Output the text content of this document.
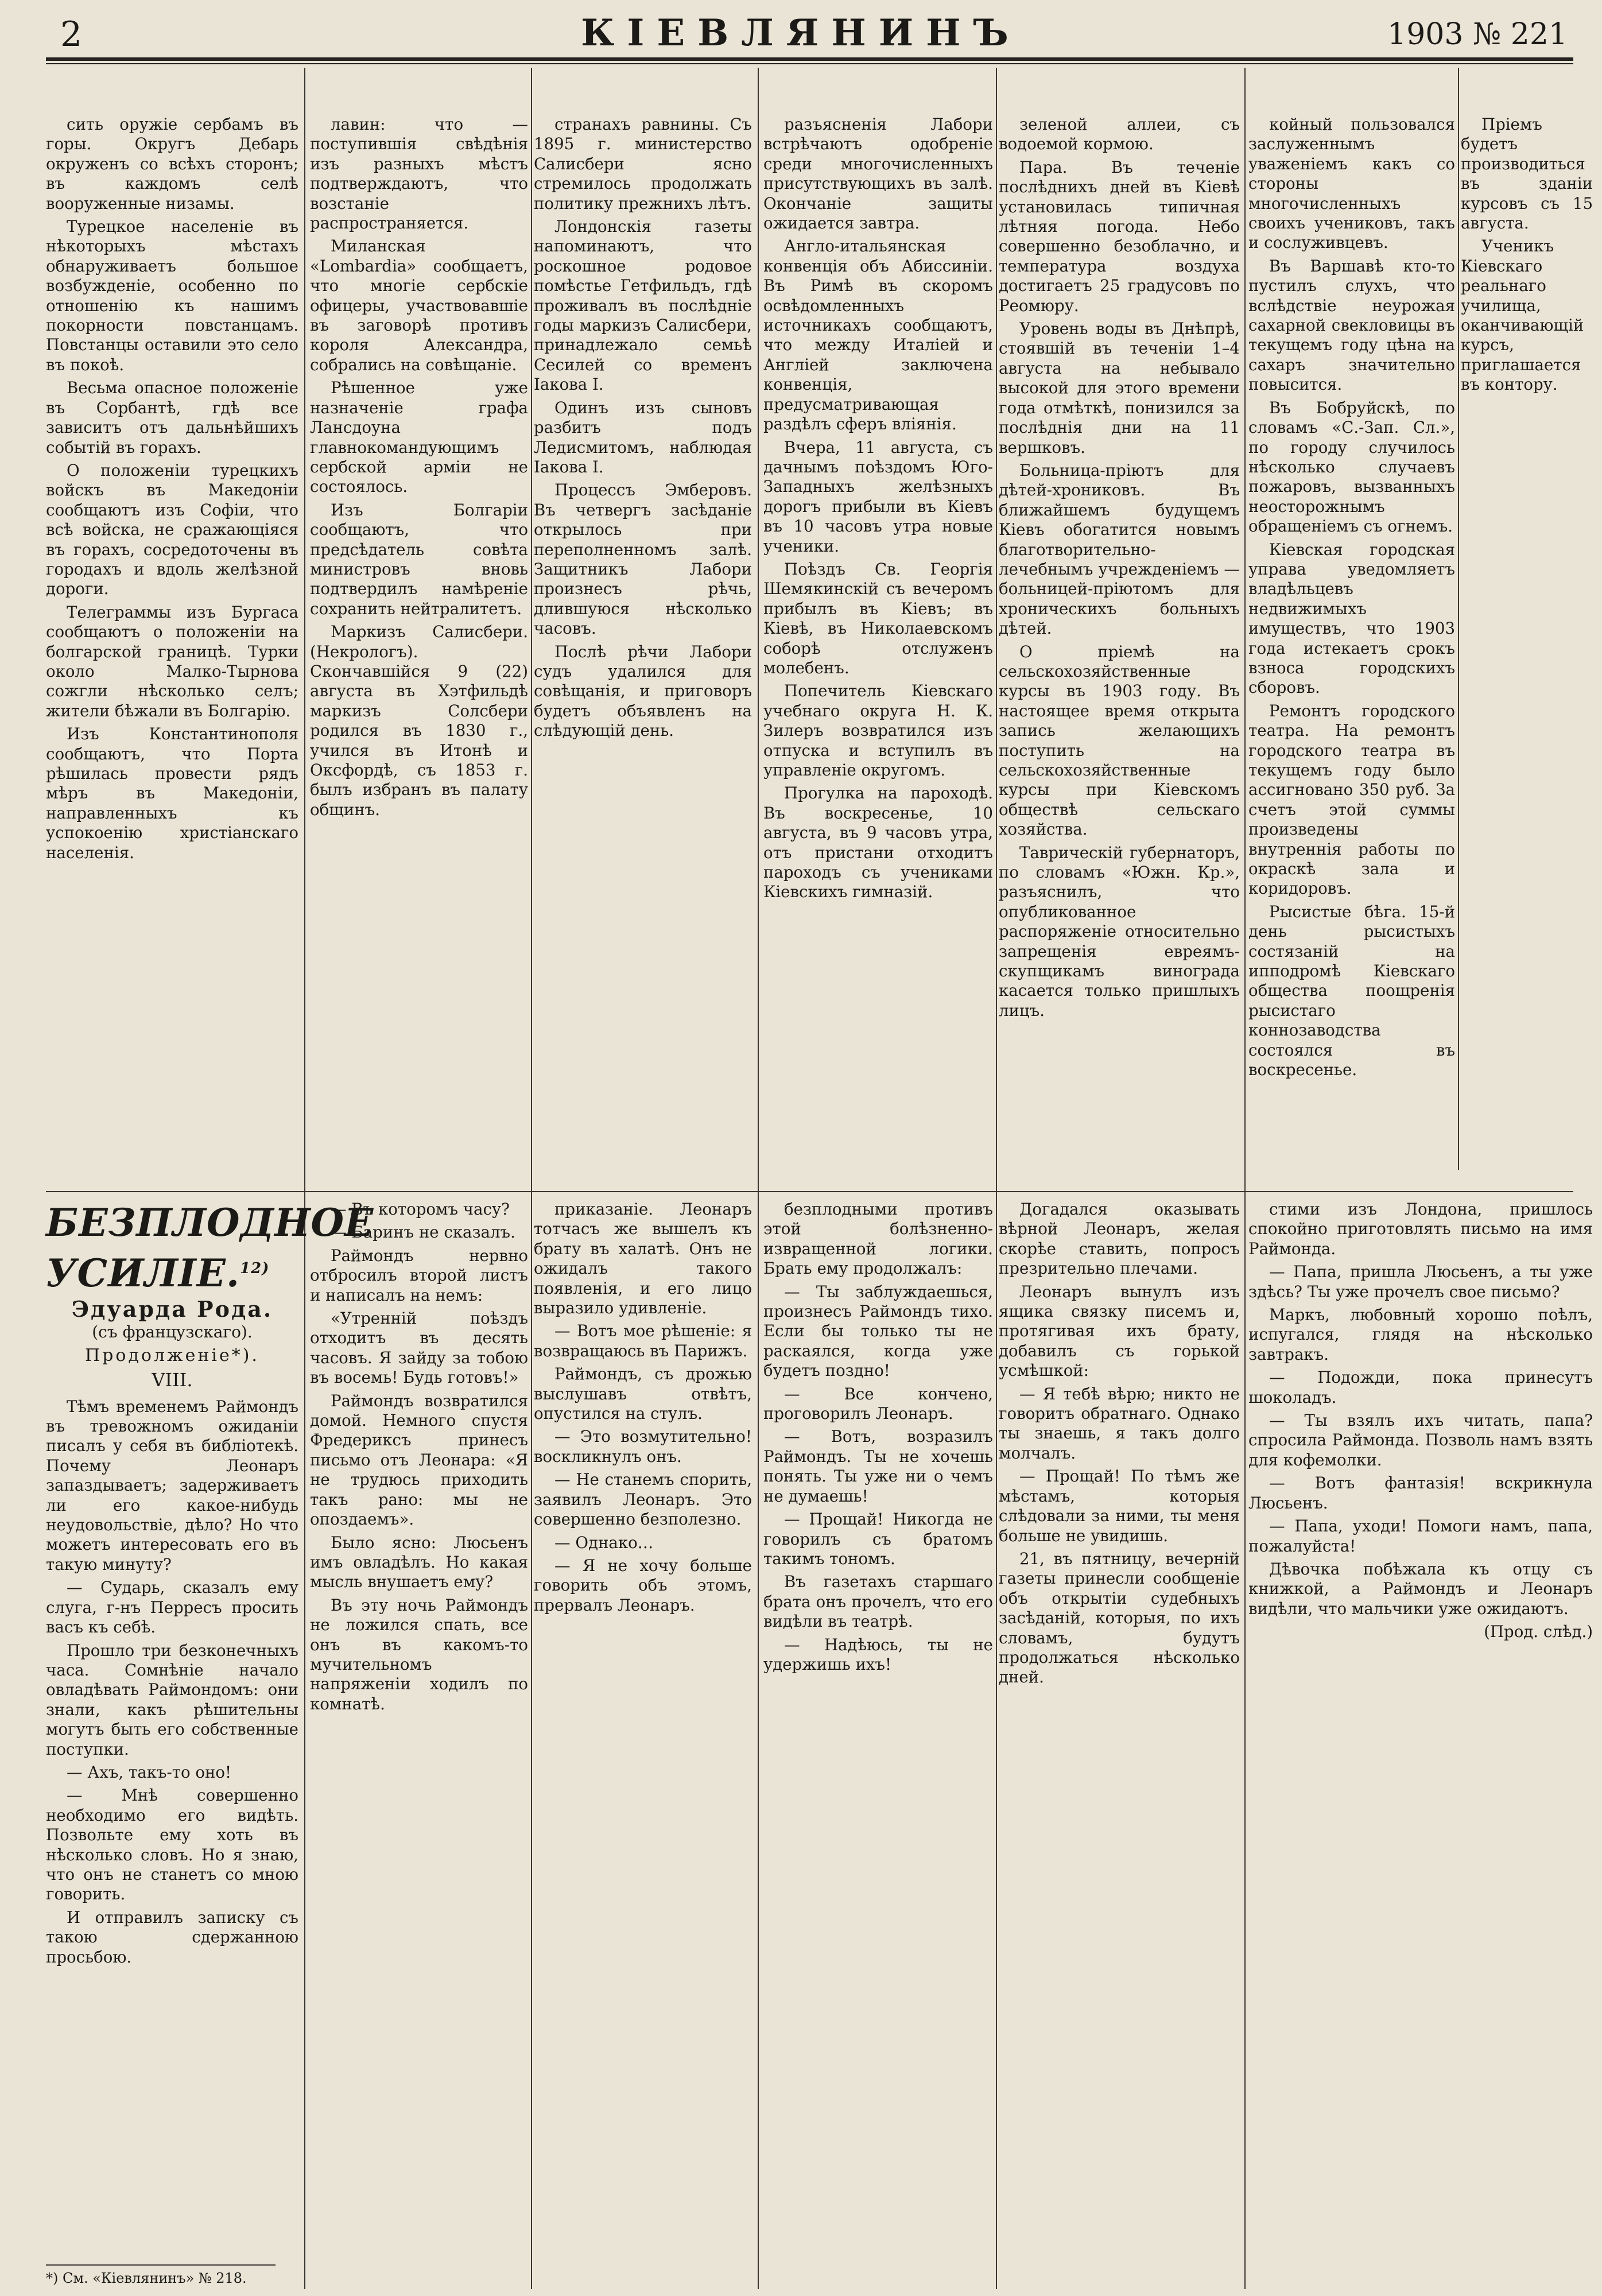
2	КІЕВЛЯНИНЪ	1903 № 221

сить оружіе сербамъ въ горы. Округъ Дебарь окруженъ со всѣхъ сторонъ; въ каждомъ селѣ вооруженные низамы.

Турецкое населеніе въ нѣкоторыхъ мѣстахъ обнаруживаетъ большое возбужденіе, особенно по отношенію къ нашимъ покорности повстанцамъ. Повстанцы оставили это село въ покоѣ.

Весьма опасное положеніе въ Сорбантѣ, гдѣ все зависитъ отъ дальнѣйшихъ событій въ горахъ.

О положеніи турецкихъ войскъ въ Македоніи сообщаютъ изъ Софіи, что всѣ войска, не сражающіяся въ горахъ, сосредоточены въ городахъ и вдоль желѣзной дороги.

Телеграммы изъ Бургаса сообщаютъ о положеніи на болгарской границѣ. Турки около Малко-Тырнова сожгли нѣсколько селъ; жители бѣжали въ Болгарію.

Изъ Константинополя сообщаютъ, что Порта рѣшилась провести рядъ мѣръ въ Македоніи, направленныхъ къ успокоенію христіанскаго населенія.

лавин: что — поступившія свѣдѣнія изъ разныхъ мѣстъ подтверждаютъ, что возстаніе распространяется.

Миланская «Lombardia» сообщаетъ, что многіе сербскіе офицеры, участвовавшіе въ заговорѣ противъ короля Александра, собрались на совѣщаніе.

Рѣшенное уже назначеніе графа Лансдоуна главнокомандующимъ сербской арміи не состоялось.

Изъ Болгаріи сообщаютъ, что предсѣдатель совѣта министровъ вновь подтвердилъ намѣреніе сохранить нейтралитетъ.

Маркизъ Салисбери. (Некрологъ). Скончавшійся 9 (22) августа въ Хэтфильдѣ маркизъ Солсбери родился въ 1830 г., учился въ Итонѣ и Оксфордѣ, съ 1853 г. былъ избранъ въ палату общинъ.

странахъ равнины. Съ 1895 г. министерство Салисбери ясно стремилось продолжать политику прежнихъ лѣтъ.

Лондонскія газеты напоминаютъ, что роскошное родовое помѣстье Гетфильдъ, гдѣ проживалъ въ послѣдніе годы маркизъ Салисбери, принадлежало семьѣ Сесилей со временъ Іакова I.

Одинъ изъ сыновъ разбитъ подъ Ледисмитомъ, наблюдая Іакова I.

Процессъ Эмберовъ. Въ четвергъ засѣданіе открылось при переполненномъ залѣ. Защитникъ Лабори произнесъ рѣчь, длившуюся нѣсколько часовъ.

Послѣ рѣчи Лабори судъ удалился для совѣщанія, и приговоръ будетъ объявленъ на слѣдующій день.

разъясненія Лабори встрѣчаютъ одобреніе среди многочисленныхъ присутствующихъ въ залѣ. Окончаніе защиты ожидается завтра.

Англо-итальянская конвенція объ Абиссиніи. Въ Римѣ въ скоромъ освѣдомленныхъ источникахъ сообщаютъ, что между Италіей и Англіей заключена конвенція, предусматривающая раздѣлъ сферъ вліянія.

Вчера, 11 августа, съ дачнымъ поѣздомъ Юго-Западныхъ желѣзныхъ дорогъ прибыли въ Кіевъ въ 10 часовъ утра новые ученики.

Поѣздъ Св. Георгія Шемякинскій съ вечеромъ прибылъ въ Кіевъ; въ Кіевѣ, въ Николаевскомъ соборѣ отслуженъ молебенъ.

Попечитель Кіевскаго учебнаго округа Н. К. Зилеръ возвратился изъ отпуска и вступилъ въ управленіе округомъ.

Прогулка на пароходѣ. Въ воскресенье, 10 августа, въ 9 часовъ утра, отъ пристани отходитъ пароходъ съ учениками Кіевскихъ гимназій.

зеленой аллеи, съ водоемой кормою.

Пара. Въ теченіе послѣднихъ дней въ Кіевѣ установилась типичная лѣтняя погода. Небо совершенно безоблачно, и температура воздуха достигаетъ 25 градусовъ по Реомюру.

Уровень воды въ Днѣпрѣ, стоявшій въ теченіи 1–4 августа на небывало высокой для этого времени года отмѣткѣ, понизился за послѣднія дни на 11 вершковъ.

Больница-пріютъ для дѣтей-хрониковъ. Въ ближайшемъ будущемъ Кіевъ обогатится новымъ благотворительно-лечебнымъ учрежденіемъ — больницей-пріютомъ для хроническихъ больныхъ дѣтей.

О пріемѣ на сельскохозяйственные курсы въ 1903 году. Въ настоящее время открыта запись желающихъ поступить на сельскохозяйственные курсы при Кіевскомъ обществѣ сельскаго хозяйства.

Таврическій губернаторъ, по словамъ «Южн. Кр.», разъяснилъ, что опубликованное распоряженіе относительно запрещенія евреямъ-скупщикамъ винограда касается только пришлыхъ лицъ.

койный пользовался заслуженнымъ уваженіемъ какъ со стороны многочисленныхъ своихъ учениковъ, такъ и сослуживцевъ.

Въ Варшавѣ кто-то пустилъ слухъ, что вслѣдствіе неурожая сахарной свекловицы въ текущемъ году цѣна на сахаръ значительно повысится.

Въ Бобруйскѣ, по словамъ «С.-Зап. Сл.», по городу случилось нѣсколько случаевъ пожаровъ, вызванныхъ неосторожнымъ обращеніемъ съ огнемъ.

Кіевская городская управа уведомляетъ владѣльцевъ недвижимыхъ имуществъ, что 1903 года истекаетъ срокъ взноса городскихъ сборовъ.

Ремонтъ городского театра. На ремонтъ городского театра въ текущемъ году было ассигновано 350 руб. За счетъ этой суммы произведены внутреннія работы по окраскѣ зала и коридоровъ.

Рысистые бѣга. 15-й день рысистыхъ состязаній на ипподромѣ Кіевскаго общества поощренія рысистаго коннозаводства состоялся въ воскресенье.

Пріемъ будетъ производиться въ зданіи курсовъ съ 15 августа.

Ученикъ Кіевскаго реальнаго училища, оканчивающій курсъ, приглашается въ контору.

БЕЗПЛОДНОЕ УСИЛІЕ.$^{12)}$

Эдуарда Рода.

(съ французскаго).

Продолженіе*).

VIII.

Тѣмъ временемъ Раймондъ въ тревожномъ ожиданіи писалъ у себя въ библіотекѣ. Почему Леонаръ запаздываетъ; задерживаетъ ли его какое-нибудь неудовольствіе, дѣло? Но что можетъ интересовать его въ такую минуту?

— Сударь, сказалъ ему слуга, г-нъ Перресъ просить васъ къ себѣ.

Прошло три безконечныхъ часа. Сомнѣніе начало овладѣвать Раймондомъ: они знали, какъ рѣшительны могутъ быть его собственные поступки.

— Ахъ, такъ-то оно!

— Мнѣ совершенно необходимо его видѣть. Позвольте ему хоть въ нѣсколько словъ. Но я знаю, что онъ не станетъ со мною говорить.

И отправилъ записку съ такою сдержанною просьбою.

— Въ которомъ часу?

— Баринъ не сказалъ.

Раймондъ нервно отбросилъ второй листъ и написалъ на немъ:

«Утренній поѣздъ отходитъ въ десять часовъ. Я зайду за тобою въ восемь! Будь готовъ!»

Раймондъ возвратился домой. Немного спустя Фредериксъ принесъ письмо отъ Леонара: «Я не трудюсь приходить такъ рано: мы не опоздаемъ».

Было ясно: Люсьенъ имъ овладѣлъ. Но какая мысль внушаетъ ему?

Въ эту ночь Раймондъ не ложился спать, все онъ въ какомъ-то мучительномъ напряженіи ходилъ по комнатѣ.

приказаніе. Леонаръ тотчасъ же вышелъ къ брату въ халатѣ. Онъ не ожидалъ такого появленія, и его лицо выразило удивленіе.

— Вотъ мое рѣшеніе: я возвращаюсь въ Парижъ.

Раймондъ, съ дрожью выслушавъ отвѣтъ, опустился на стулъ.

— Это возмутительно! воскликнулъ онъ.

— Не станемъ спорить, заявилъ Леонаръ. Это совершенно безполезно.

— Однако…

— Я не хочу больше говорить объ этомъ, прервалъ Леонаръ.

безплодными противъ этой болѣзненно-извращенной логики. Брать ему продолжалъ:

— Ты заблуждаешься, произнесъ Раймондъ тихо. Если бы только ты не раскаялся, когда уже будетъ поздно!

— Все кончено, проговорилъ Леонаръ.

— Вотъ, возразилъ Раймондъ. Ты не хочешь понять. Ты уже ни о чемъ не думаешь!

— Прощай! Никогда не говорилъ съ братомъ такимъ тономъ.

Въ газетахъ старшаго брата онъ прочелъ, что его видѣли въ театрѣ.

— Надѣюсь, ты не удержишь ихъ!

Догадался оказывать вѣрной Леонаръ, желая скорѣе ставить, попросъ презрительно плечами.

Леонаръ вынулъ изъ ящика связку писемъ и, протягивая ихъ брату, добавилъ съ горькой усмѣшкой:

— Я тебѣ вѣрю; никто не говоритъ обратнаго. Однако ты знаешь, я такъ долго молчалъ.

— Прощай! По тѣмъ же мѣстамъ, которыя слѣдовали за ними, ты меня больше не увидишь.

21, въ пятницу, вечерній газеты принесли сообщеніе объ открытіи судебныхъ засѣданій, которыя, по ихъ словамъ, будутъ продолжаться нѣсколько дней.

стими изъ Лондона, пришлось спокойно приготовлять письмо на имя Раймонда.

— Папа, пришла Люсьенъ, а ты уже здѣсь? Ты уже прочелъ свое письмо?

Маркъ, любовный хорошо поѣлъ, испугался, глядя на нѣсколько завтракъ.

— Подожди, пока принесутъ шоколадъ.

— Ты взялъ ихъ читать, папа? спросила Раймонда. Позволь намъ взять для кофемолки.

— Вотъ фантазія! вскрикнула Люсьенъ.

— Папа, уходи! Помоги намъ, папа, пожалуйста!

Дѣвочка побѣжала къ отцу съ книжкой, а Раймондъ и Леонаръ видѣли, что мальчики уже ожидаютъ.

(Прод. слѣд.)

*) См. «Кіевлянинъ» № 218.
